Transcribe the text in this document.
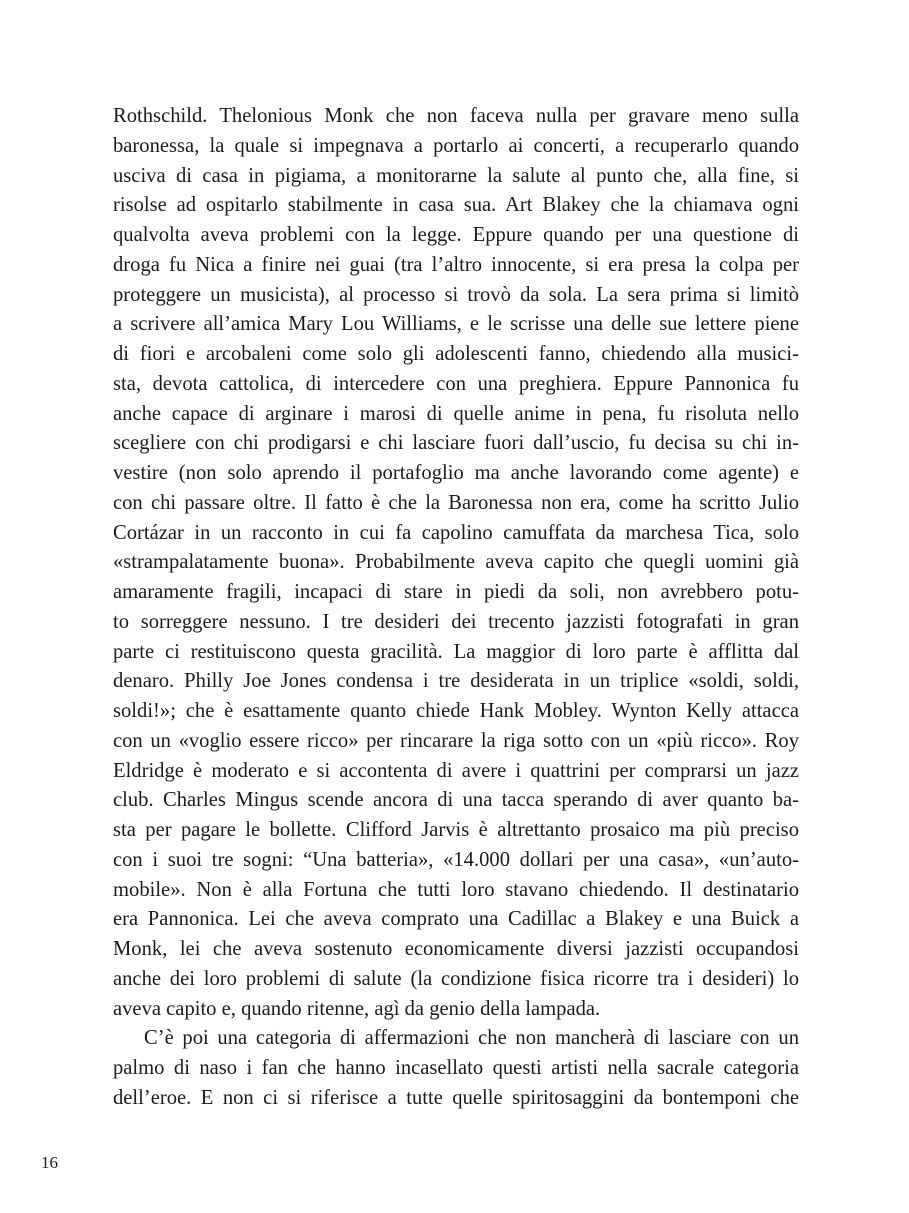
Rothschild. Thelonious Monk che non faceva nulla per gravare meno sulla
baronessa, la quale si impegnava a portarlo ai concerti, a recuperarlo quando
usciva di casa in pigiama, a monitorarne la salute al punto che, alla fine, si
risolse ad ospitarlo stabilmente in casa sua. Art Blakey che la chiamava ogni
qualvolta aveva problemi con la legge. Eppure quando per una questione di
droga fu Nica a finire nei guai (tra l’altro innocente, si era presa la colpa per
proteggere un musicista), al processo si trovò da sola. La sera prima si limitò
a scrivere all’amica Mary Lou Williams, e le scrisse una delle sue lettere piene
di fiori e arcobaleni come solo gli adolescenti fanno, chiedendo alla musici-
sta, devota cattolica, di intercedere con una preghiera. Eppure Pannonica fu
anche capace di arginare i marosi di quelle anime in pena, fu risoluta nello
scegliere con chi prodigarsi e chi lasciare fuori dall’uscio, fu decisa su chi in-
vestire (non solo aprendo il portafoglio ma anche lavorando come agente) e
con chi passare oltre. Il fatto è che la Baronessa non era, come ha scritto Julio
Cortázar in un racconto in cui fa capolino camuffata da marchesa Tica, solo
«strampalatamente buona». Probabilmente aveva capito che quegli uomini già
amaramente fragili, incapaci di stare in piedi da soli, non avrebbero potu-
to sorreggere nessuno. I tre desideri dei trecento jazzisti fotografati in gran
parte ci restituiscono questa gracilità. La maggior di loro parte è afflitta dal
denaro. Philly Joe Jones condensa i tre desiderata in un triplice «soldi, soldi,
soldi!»; che è esattamente quanto chiede Hank Mobley. Wynton Kelly attacca
con un «voglio essere ricco» per rincarare la riga sotto con un «più ricco». Roy
Eldridge è moderato e si accontenta di avere i quattrini per comprarsi un jazz
club. Charles Mingus scende ancora di una tacca sperando di aver quanto ba-
sta per pagare le bollette. Clifford Jarvis è altrettanto prosaico ma più preciso
con i suoi tre sogni: “Una batteria», «14.000 dollari per una casa», «un’auto-
mobile». Non è alla Fortuna che tutti loro stavano chiedendo. Il destinatario
era Pannonica. Lei che aveva comprato una Cadillac a Blakey e una Buick a
Monk, lei che aveva sostenuto economicamente diversi jazzisti occupandosi
anche dei loro problemi di salute (la condizione fisica ricorre tra i desideri) lo
aveva capito e, quando ritenne, agì da genio della lampada.
C’è poi una categoria di affermazioni che non mancherà di lasciare con un
palmo di naso i fan che hanno incasellato questi artisti nella sacrale categoria
dell’eroe. E non ci si riferisce a tutte quelle spiritosaggini da bontemponi che
16
